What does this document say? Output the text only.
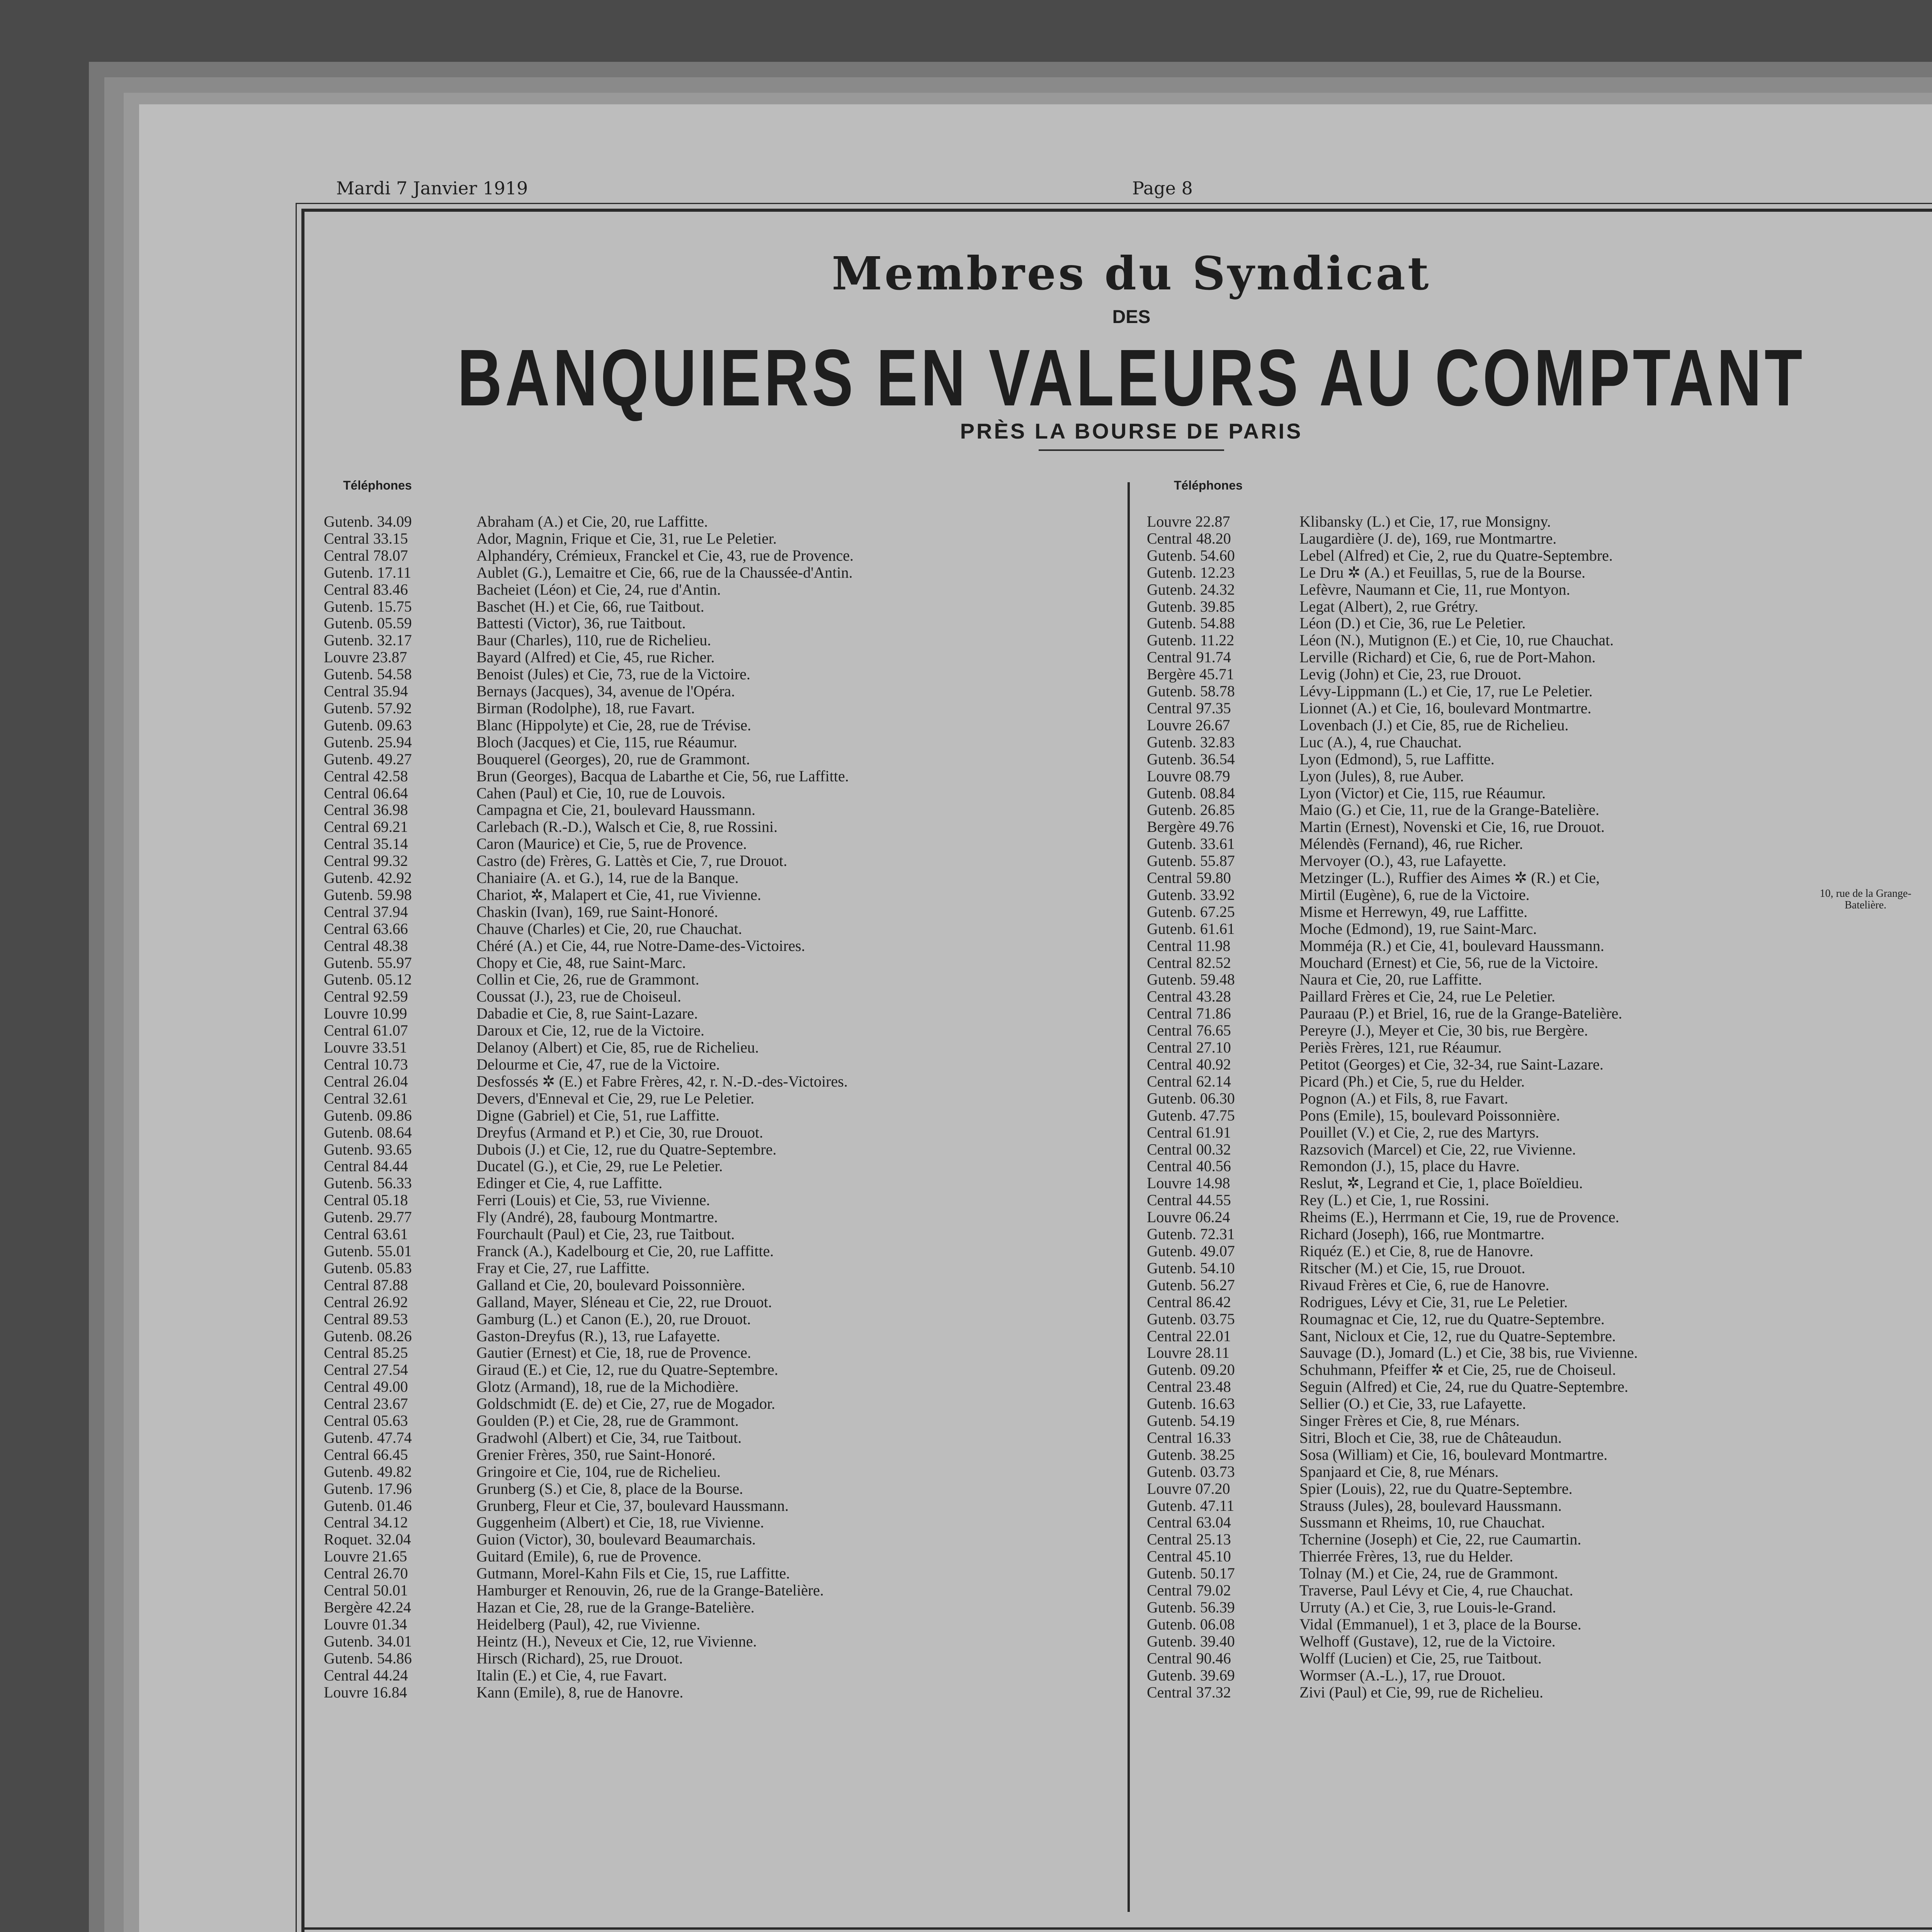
Mardi 7 Janvier 1919	Page 8
Membres du Syndicat
DES
BANQUIERS EN VALEURS AU COMPTANT
PRÈS LA BOURSE DE PARIS
Téléphones	Téléphones
Gutenb. 34.09	Abraham (A.) et Cie, 20, rue Laffitte.
Central 33.15	Ador, Magnin, Frique et Cie, 31, rue Le Peletier.
Central 78.07	Alphandéry, Crémieux, Franckel et Cie, 43, rue de Provence.
Gutenb. 17.11	Aublet (G.), Lemaitre et Cie, 66, rue de la Chaussée-d'Antin.
Central 83.46	Bacheiet (Léon) et Cie, 24, rue d'Antin.
Gutenb. 15.75	Baschet (H.) et Cie, 66, rue Taitbout.
Gutenb. 05.59	Battesti (Victor), 36, rue Taitbout.
Gutenb. 32.17	Baur (Charles), 110, rue de Richelieu.
Louvre 23.87	Bayard (Alfred) et Cie, 45, rue Richer.
Gutenb. 54.58	Benoist (Jules) et Cie, 73, rue de la Victoire.
Central 35.94	Bernays (Jacques), 34, avenue de l'Opéra.
Gutenb. 57.92	Birman (Rodolphe), 18, rue Favart.
Gutenb. 09.63	Blanc (Hippolyte) et Cie, 28, rue de Trévise.
Gutenb. 25.94	Bloch (Jacques) et Cie, 115, rue Réaumur.
Gutenb. 49.27	Bouquerel (Georges), 20, rue de Grammont.
Central 42.58	Brun (Georges), Bacqua de Labarthe et Cie, 56, rue Laffitte.
Central 06.64	Cahen (Paul) et Cie, 10, rue de Louvois.
Central 36.98	Campagna et Cie, 21, boulevard Haussmann.
Central 69.21	Carlebach (R.-D.), Walsch et Cie, 8, rue Rossini.
Central 35.14	Caron (Maurice) et Cie, 5, rue de Provence.
Central 99.32	Castro (de) Frères, G. Lattès et Cie, 7, rue Drouot.
Gutenb. 42.92	Chaniaire (A. et G.), 14, rue de la Banque.
Gutenb. 59.98	Chariot, ✲, Malapert et Cie, 41, rue Vivienne.
Central 37.94	Chaskin (Ivan), 169, rue Saint-Honoré.
Central 63.66	Chauve (Charles) et Cie, 20, rue Chauchat.
Central 48.38	Chéré (A.) et Cie, 44, rue Notre-Dame-des-Victoires.
Gutenb. 55.97	Chopy et Cie, 48, rue Saint-Marc.
Gutenb. 05.12	Collin et Cie, 26, rue de Grammont.
Central 92.59	Coussat (J.), 23, rue de Choiseul.
Louvre 10.99	Dabadie et Cie, 8, rue Saint-Lazare.
Central 61.07	Daroux et Cie, 12, rue de la Victoire.
Louvre 33.51	Delanoy (Albert) et Cie, 85, rue de Richelieu.
Central 10.73	Delourme et Cie, 47, rue de la Victoire.
Central 26.04	Desfossés ✲ (E.) et Fabre Frères, 42, r. N.-D.-des-Victoires.
Central 32.61	Devers, d'Enneval et Cie, 29, rue Le Peletier.
Gutenb. 09.86	Digne (Gabriel) et Cie, 51, rue Laffitte.
Gutenb. 08.64	Dreyfus (Armand et P.) et Cie, 30, rue Drouot.
Gutenb. 93.65	Dubois (J.) et Cie, 12, rue du Quatre-Septembre.
Central 84.44	Ducatel (G.), et Cie, 29, rue Le Peletier.
Gutenb. 56.33	Edinger et Cie, 4, rue Laffitte.
Central 05.18	Ferri (Louis) et Cie, 53, rue Vivienne.
Gutenb. 29.77	Fly (André), 28, faubourg Montmartre.
Central 63.61	Fourchault (Paul) et Cie, 23, rue Taitbout.
Gutenb. 55.01	Franck (A.), Kadelbourg et Cie, 20, rue Laffitte.
Gutenb. 05.83	Fray et Cie, 27, rue Laffitte.
Central 87.88	Galland et Cie, 20, boulevard Poissonnière.
Central 26.92	Galland, Mayer, Sléneau et Cie, 22, rue Drouot.
Central 89.53	Gamburg (L.) et Canon (E.), 20, rue Drouot.
Gutenb. 08.26	Gaston-Dreyfus (R.), 13, rue Lafayette.
Central 85.25	Gautier (Ernest) et Cie, 18, rue de Provence.
Central 27.54	Giraud (E.) et Cie, 12, rue du Quatre-Septembre.
Central 49.00	Glotz (Armand), 18, rue de la Michodière.
Central 23.67	Goldschmidt (E. de) et Cie, 27, rue de Mogador.
Central 05.63	Goulden (P.) et Cie, 28, rue de Grammont.
Gutenb. 47.74	Gradwohl (Albert) et Cie, 34, rue Taitbout.
Central 66.45	Grenier Frères, 350, rue Saint-Honoré.
Gutenb. 49.82	Gringoire et Cie, 104, rue de Richelieu.
Gutenb. 17.96	Grunberg (S.) et Cie, 8, place de la Bourse.
Gutenb. 01.46	Grunberg, Fleur et Cie, 37, boulevard Haussmann.
Central 34.12	Guggenheim (Albert) et Cie, 18, rue Vivienne.
Roquet. 32.04	Guion (Victor), 30, boulevard Beaumarchais.
Louvre 21.65	Guitard (Emile), 6, rue de Provence.
Central 26.70	Gutmann, Morel-Kahn Fils et Cie, 15, rue Laffitte.
Central 50.01	Hamburger et Renouvin, 26, rue de la Grange-Batelière.
Bergère 42.24	Hazan et Cie, 28, rue de la Grange-Batelière.
Louvre 01.34	Heidelberg (Paul), 42, rue Vivienne.
Gutenb. 34.01	Heintz (H.), Neveux et Cie, 12, rue Vivienne.
Gutenb. 54.86	Hirsch (Richard), 25, rue Drouot.
Central 44.24	Italin (E.) et Cie, 4, rue Favart.
Louvre 16.84	Kann (Emile), 8, rue de Hanovre.
Louvre 22.87	Klibansky (L.) et Cie, 17, rue Monsigny.
Central 48.20	Laugardière (J. de), 169, rue Montmartre.
Gutenb. 54.60	Lebel (Alfred) et Cie, 2, rue du Quatre-Septembre.
Gutenb. 12.23	Le Dru ✲ (A.) et Feuillas, 5, rue de la Bourse.
Gutenb. 24.32	Lefèvre, Naumann et Cie, 11, rue Montyon.
Gutenb. 39.85	Legat (Albert), 2, rue Grétry.
Gutenb. 54.88	Léon (D.) et Cie, 36, rue Le Peletier.
Gutenb. 11.22	Léon (N.), Mutignon (E.) et Cie, 10, rue Chauchat.
Central 91.74	Lerville (Richard) et Cie, 6, rue de Port-Mahon.
Bergère 45.71	Levig (John) et Cie, 23, rue Drouot.
Gutenb. 58.78	Lévy-Lippmann (L.) et Cie, 17, rue Le Peletier.
Central 97.35	Lionnet (A.) et Cie, 16, boulevard Montmartre.
Louvre 26.67	Lovenbach (J.) et Cie, 85, rue de Richelieu.
Gutenb. 32.83	Luc (A.), 4, rue Chauchat.
Gutenb. 36.54	Lyon (Edmond), 5, rue Laffitte.
Louvre 08.79	Lyon (Jules), 8, rue Auber.
Gutenb. 08.84	Lyon (Victor) et Cie, 115, rue Réaumur.
Gutenb. 26.85	Maio (G.) et Cie, 11, rue de la Grange-Batelière.
Bergère 49.76	Martin (Ernest), Novenski et Cie, 16, rue Drouot.
Gutenb. 33.61	Mélendès (Fernand), 46, rue Richer.
Gutenb. 55.87	Mervoyer (O.), 43, rue Lafayette.
Central 59.80	Metzinger (L.), Ruffier des Aimes ✲ (R.) et Cie,
Gutenb. 33.92	Mirtil (Eugène), 6, rue de la Victoire.
Gutenb. 67.25	Misme et Herrewyn, 49, rue Laffitte.
Gutenb. 61.61	Moche (Edmond), 19, rue Saint-Marc.
Central 11.98	Momméja (R.) et Cie, 41, boulevard Haussmann.
Central 82.52	Mouchard (Ernest) et Cie, 56, rue de la Victoire.
Gutenb. 59.48	Naura et Cie, 20, rue Laffitte.
Central 43.28	Paillard Frères et Cie, 24, rue Le Peletier.
Central 71.86	Pauraau (P.) et Briel, 16, rue de la Grange-Batelière.
Central 76.65	Pereyre (J.), Meyer et Cie, 30 bis, rue Bergère.
Central 27.10	Periès Frères, 121, rue Réaumur.
Central 40.92	Petitot (Georges) et Cie, 32-34, rue Saint-Lazare.
Central 62.14	Picard (Ph.) et Cie, 5, rue du Helder.
Gutenb. 06.30	Pognon (A.) et Fils, 8, rue Favart.
Gutenb. 47.75	Pons (Emile), 15, boulevard Poissonnière.
Central 61.91	Pouillet (V.) et Cie, 2, rue des Martyrs.
Central 00.32	Razsovich (Marcel) et Cie, 22, rue Vivienne.
Central 40.56	Remondon (J.), 15, place du Havre.
Louvre 14.98	Reslut, ✲, Legrand et Cie, 1, place Boïeldieu.
Central 44.55	Rey (L.) et Cie, 1, rue Rossini.
Louvre 06.24	Rheims (E.), Herrmann et Cie, 19, rue de Provence.
Gutenb. 72.31	Richard (Joseph), 166, rue Montmartre.
Gutenb. 49.07	Riquéz (E.) et Cie, 8, rue de Hanovre.
Gutenb. 54.10	Ritscher (M.) et Cie, 15, rue Drouot.
Gutenb. 56.27	Rivaud Frères et Cie, 6, rue de Hanovre.
Central 86.42	Rodrigues, Lévy et Cie, 31, rue Le Peletier.
Gutenb. 03.75	Roumagnac et Cie, 12, rue du Quatre-Septembre.
Central 22.01	Sant, Nicloux et Cie, 12, rue du Quatre-Septembre.
Louvre 28.11	Sauvage (D.), Jomard (L.) et Cie, 38 bis, rue Vivienne.
Gutenb. 09.20	Schuhmann, Pfeiffer ✲ et Cie, 25, rue de Choiseul.
Central 23.48	Seguin (Alfred) et Cie, 24, rue du Quatre-Septembre.
Gutenb. 16.63	Sellier (O.) et Cie, 33, rue Lafayette.
Gutenb. 54.19	Singer Frères et Cie, 8, rue Ménars.
Central 16.33	Sitri, Bloch et Cie, 38, rue de Châteaudun.
Gutenb. 38.25	Sosa (William) et Cie, 16, boulevard Montmartre.
Gutenb. 03.73	Spanjaard et Cie, 8, rue Ménars.
Louvre 07.20	Spier (Louis), 22, rue du Quatre-Septembre.
Gutenb. 47.11	Strauss (Jules), 28, boulevard Haussmann.
Central 63.04	Sussmann et Rheims, 10, rue Chauchat.
Central 25.13	Tchernine (Joseph) et Cie, 22, rue Caumartin.
Central 45.10	Thierrée Frères, 13, rue du Helder.
Gutenb. 50.17	Tolnay (M.) et Cie, 24, rue de Grammont.
Central 79.02	Traverse, Paul Lévy et Cie, 4, rue Chauchat.
Gutenb. 56.39	Urruty (A.) et Cie, 3, rue Louis-le-Grand.
Gutenb. 06.08	Vidal (Emmanuel), 1 et 3, place de la Bourse.
Gutenb. 39.40	Welhoff (Gustave), 12, rue de la Victoire.
Central 90.46	Wolff (Lucien) et Cie, 25, rue Taitbout.
Gutenb. 39.69	Wormser (A.-L.), 17, rue Drouot.
Central 37.32	Zivi (Paul) et Cie, 99, rue de Richelieu.
10, rue de la Grange-Batelière.
